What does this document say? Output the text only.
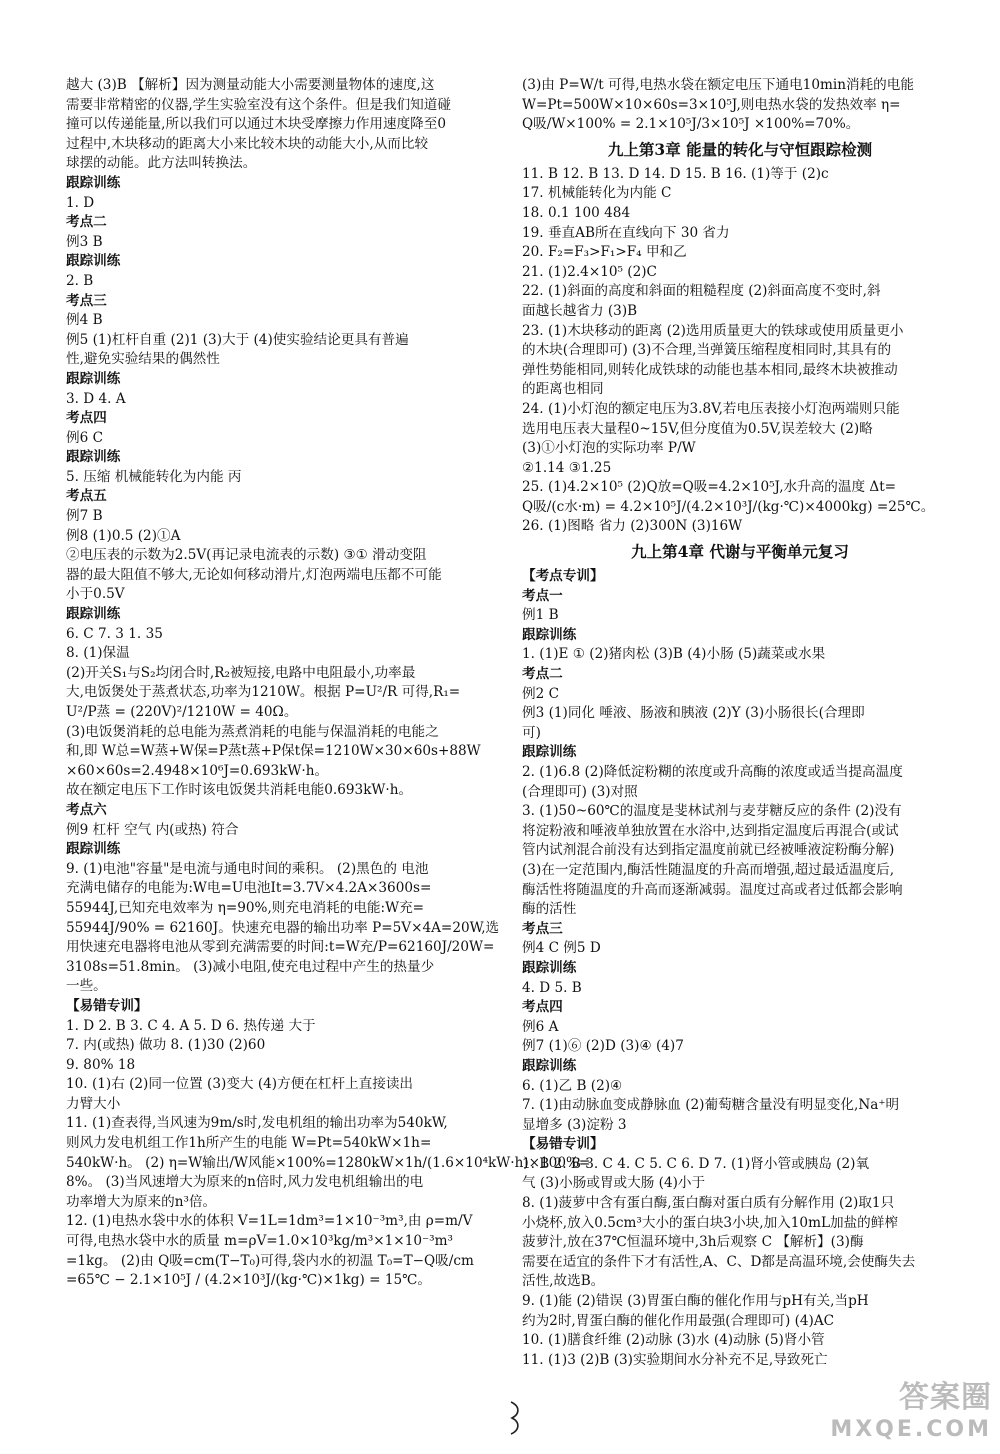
越大 (3)B 【解析】因为测量动能大小需要测量物体的速度,这
需要非常精密的仪器,学生实验室没有这个条件。但是我们知道碰
撞可以传递能量,所以我们可以通过木块受摩擦力作用速度降至0
过程中,木块移动的距离大小来比较木块的动能大小,从而比较
球摆的动能。此方法叫转换法。
跟踪训练
1. D
考点二
例3 B
跟踪训练
2. B
考点三
例4 B
例5 (1)杠杆自重 (2)1 (3)大于 (4)使实验结论更具有普遍
性,避免实验结果的偶然性
跟踪训练
3. D 4. A
考点四
例6 C
跟踪训练
5. 压缩 机械能转化为内能 丙
考点五
例7 B
例8 (1)0.5 (2)①A
②电压表的示数为2.5V(再记录电流表的示数) ③① 滑动变阻
器的最大阻值不够大,无论如何移动滑片,灯泡两端电压都不可能
小于0.5V
跟踪训练
6. C 7. 3 1. 35
8. (1)保温
(2)开关S₁与S₂均闭合时,R₂被短接,电路中电阻最小,功率最
大,电饭煲处于蒸煮状态,功率为1210W。根据 P=U²/R 可得,R₁=
U²/P蒸 = (220V)²/1210W = 40Ω。
(3)电饭煲消耗的总电能为蒸煮消耗的电能与保温消耗的电能之
和,即 W总=W蒸+W保=P蒸t蒸+P保t保=1210W×30×60s+88W
×60×60s=2.4948×10⁶J=0.693kW·h。
故在额定电压下工作时该电饭煲共消耗电能0.693kW·h。
考点六
例9 杠杆 空气 内(或热) 符合
跟踪训练
9. (1)电池"容量"是电流与通电时间的乘积。 (2)黑色的 电池
充满电储存的电能为:W电=U电池It=3.7V×4.2A×3600s=
55944J,已知充电效率为 η=90%,则充电消耗的电能:W充=
55944J/90% = 62160J。快速充电器的输出功率 P=5V×4A=20W,选
用快速充电器将电池从零到充满需要的时间:t=W充/P=62160J/20W=
3108s=51.8min。 (3)减小电阻,使充电过程中产生的热量少
一些。
【易错专训】
1. D 2. B 3. C 4. A 5. D 6. 热传递 大于
7. 内(或热) 做功 8. (1)30 (2)60
9. 80% 18
10. (1)右 (2)同一位置 (3)变大 (4)方便在杠杆上直接读出
力臂大小
11. (1)查表得,当风速为9m/s时,发电机组的输出功率为540kW,
则风力发电机组工作1h所产生的电能 W=Pt=540kW×1h=
540kW·h。 (2) η=W输出/W风能×100%=1280kW×1h/(1.6×10⁴kW·h)×100%=
8%。 (3)当风速增大为原来的n倍时,风力发电机组输出的电
功率增大为原来的n³倍。
12. (1)电热水袋中水的体积 V=1L=1dm³=1×10⁻³m³,由 ρ=m/V
可得,电热水袋中水的质量 m=ρV=1.0×10³kg/m³×1×10⁻³m³
=1kg。 (2)由 Q吸=cm(T−T₀)可得,袋内水的初温 T₀=T−Q吸/cm
=65℃ − 2.1×10⁵J / (4.2×10³J/(kg·℃)×1kg) = 15℃。
(3)由 P=W/t 可得,电热水袋在额定电压下通电10min消耗的电能
W=Pt=500W×10×60s=3×10⁵J,则电热水袋的发热效率 η=
Q吸/W×100% = 2.1×10⁵J/3×10⁵J ×100%=70%。
九上第3章 能量的转化与守恒跟踪检测
11. B 12. B 13. D 14. D 15. B 16. (1)等于 (2)c
17. 机械能转化为内能 C
18. 0.1 100 484
19. 垂直AB所在直线向下 30 省力
20. F₂=F₃>F₁>F₄ 甲和乙
21. (1)2.4×10⁵ (2)C
22. (1)斜面的高度和斜面的粗糙程度 (2)斜面高度不变时,斜
面越长越省力 (3)B
23. (1)木块移动的距离 (2)选用质量更大的铁球或使用质量更小
的木块(合理即可) (3)不合理,当弹簧压缩程度相同时,其具有的
弹性势能相同,则转化成铁球的动能也基本相同,最终木块被推动
的距离也相同
24. (1)小灯泡的额定电压为3.8V,若电压表接小灯泡两端则只能
选用电压表大量程0~15V,但分度值为0.5V,误差较大 (2)略
(3)①小灯泡的实际功率 P/W
②1.14 ③1.25
25. (1)4.2×10⁵ (2)Q放=Q吸=4.2×10⁵J,水升高的温度 Δt=
Q吸/(c水·m) = 4.2×10⁵J/(4.2×10³J/(kg·℃)×4000kg) =25℃。
26. (1)图略 省力 (2)300N (3)16W
九上第4章 代谢与平衡单元复习
【考点专训】
考点一
例1 B
跟踪训练
1. (1)E ① (2)猪肉松 (3)B (4)小肠 (5)蔬菜或水果
考点二
例2 C
例3 (1)同化 唾液、肠液和胰液 (2)Y (3)小肠很长(合理即
可)
跟踪训练
2. (1)6.8 (2)降低淀粉糊的浓度或升高酶的浓度或适当提高温度
(合理即可) (3)对照
3. (1)50~60℃的温度是斐林试剂与麦芽糖反应的条件 (2)没有
将淀粉液和唾液单独放置在水浴中,达到指定温度后再混合(或试
管内试剂混合前没有达到指定温度前就已经被唾液淀粉酶分解)
(3)在一定范围内,酶活性随温度的升高而增强,超过最适温度后,
酶活性将随温度的升高而逐渐减弱。温度过高或者过低都会影响
酶的活性
考点三
例4 C 例5 D
跟踪训练
4. D 5. B
考点四
例6 A
例7 (1)⑥ (2)D (3)④ (4)7
跟踪训练
6. (1)乙 B (2)④
7. (1)由动脉血变成静脉血 (2)葡萄糖含量没有明显变化,Na⁺明
显增多 (3)淀粉 3
【易错专训】
1. B 2. B 3. C 4. C 5. C 6. D 7. (1)肾小管或胰岛 (2)氧
气 (3)小肠或胃或大肠 (4)小于
8. (1)菠萝中含有蛋白酶,蛋白酶对蛋白质有分解作用 (2)取1只
小烧杯,放入0.5cm³大小的蛋白块3小块,加入10mL加盐的鲜榨
菠萝汁,放在37℃恒温环境中,3h后观察 C 【解析】(3)酶
需要在适宜的条件下才有活性,A、C、D都是高温环境,会使酶失去
活性,故选B。
9. (1)能 (2)错误 (3)胃蛋白酶的催化作用与pH有关,当pH
约为2时,胃蛋白酶的催化作用最强(合理即可) (4)AC
10. (1)膳食纤维 (2)动脉 (3)水 (4)动脉 (5)肾小管
11. (1)3 (2)B (3)实验期间水分补充不足,导致死亡
答案圈
MXQE.COM
